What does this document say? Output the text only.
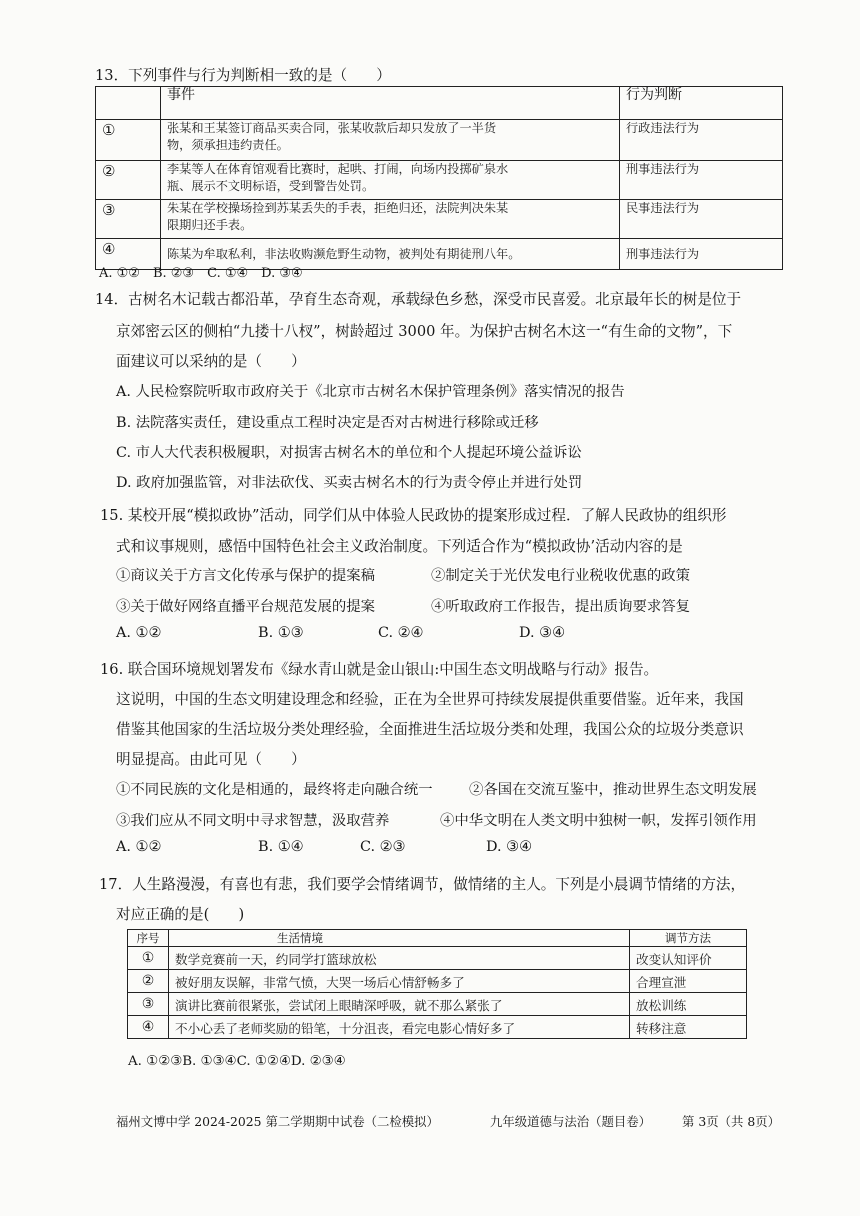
13．下列事件与行为判断相一致的是（　　）
	事件	行为判断
①	张某和王某签订商品买卖合同，张某收款后却只发放了一半货
物，须承担违约责任。	行政违法行为
②	李某等人在体育馆观看比赛时，起哄、打闹，向场内投掷矿泉水
瓶、展示不文明标语，受到警告处罚。	刑事违法行为
③	朱某在学校操场捡到苏某丢失的手表，拒绝归还，法院判决朱某
限期归还手表。	民事违法行为
④	陈某为牟取私利，非法收购濒危野生动物，被判处有期徒刑八年。	刑事违法行为
A. ①②　B. ②③　C. ①④　D. ③④
14．古树名木记载古都沿革，孕育生态奇观，承载绿色乡愁，深受市民喜爱。北京最年长的树是位于
京郊密云区的侧柏“九搂十八杈”，树龄超过 3000 年。为保护古树名木这一“有生命的文物”，下
面建议可以采纳的是（　　）
A. 人民检察院听取市政府关于《北京市古树名木保护管理条例》落实情况的报告
B. 法院落实责任，建设重点工程时决定是否对古树进行移除或迁移
C. 市人大代表积极履职，对损害古树名木的单位和个人提起环境公益诉讼
D. 政府加强监管，对非法砍伐、买卖古树名木的行为责令停止并进行处罚
15. 某校开展“模拟政协”活动，同学们从中体验人民政协的提案形成过程．了解人民政协的组织形
式和议事规则，感悟中国特色社会主义政治制度。下列适合作为“模拟政协’活动内容的是
①商议关于方言文化传承与保护的提案稿	②制定关于光伏发电行业税收优惠的政策
③关于做好网络直播平台规范发展的提案	④听取政府工作报告，提出质询要求答复
A. ①②	B. ①③	C. ②④	D. ③④
16. 联合国环境规划署发布《绿水青山就是金山银山:中国生态文明战略与行动》报告。
这说明，中国的生态文明建设理念和经验，正在为全世界可持续发展提供重要借鉴。近年来，我国
借鉴其他国家的生活垃圾分类处理经验，全面推进生活垃圾分类和处理，我国公众的垃圾分类意识
明显提高。由此可见（　　）
①不同民族的文化是相通的，最终将走向融合统一	②各国在交流互鉴中，推动世界生态文明发展
③我们应从不同文明中寻求智慧，汲取营养	④中华文明在人类文明中独树一帜，发挥引领作用
A. ①②	B. ①④	C. ②③	D. ③④
17．人生路漫漫，有喜也有悲，我们要学会情绪调节，做情绪的主人。下列是小晨调节情绪的方法，
对应正确的是(　　)
序号	生活情境	调节方法
①	数学竞赛前一天，约同学打篮球放松	改变认知评价
②	被好朋友误解，非常气愤，大哭一场后心情舒畅多了	合理宣泄
③	演讲比赛前很紧张，尝试闭上眼睛深呼吸，就不那么紧张了	放松训练
④	不小心丢了老师奖励的铅笔，十分沮丧，看完电影心情好多了	转移注意
A. ①②③B. ①③④C. ①②④D. ②③④
福州文博中学 2024-2025 第二学期期中试卷（二检模拟）	九年级道德与法治（题目卷） 第 3页（共 8页）
